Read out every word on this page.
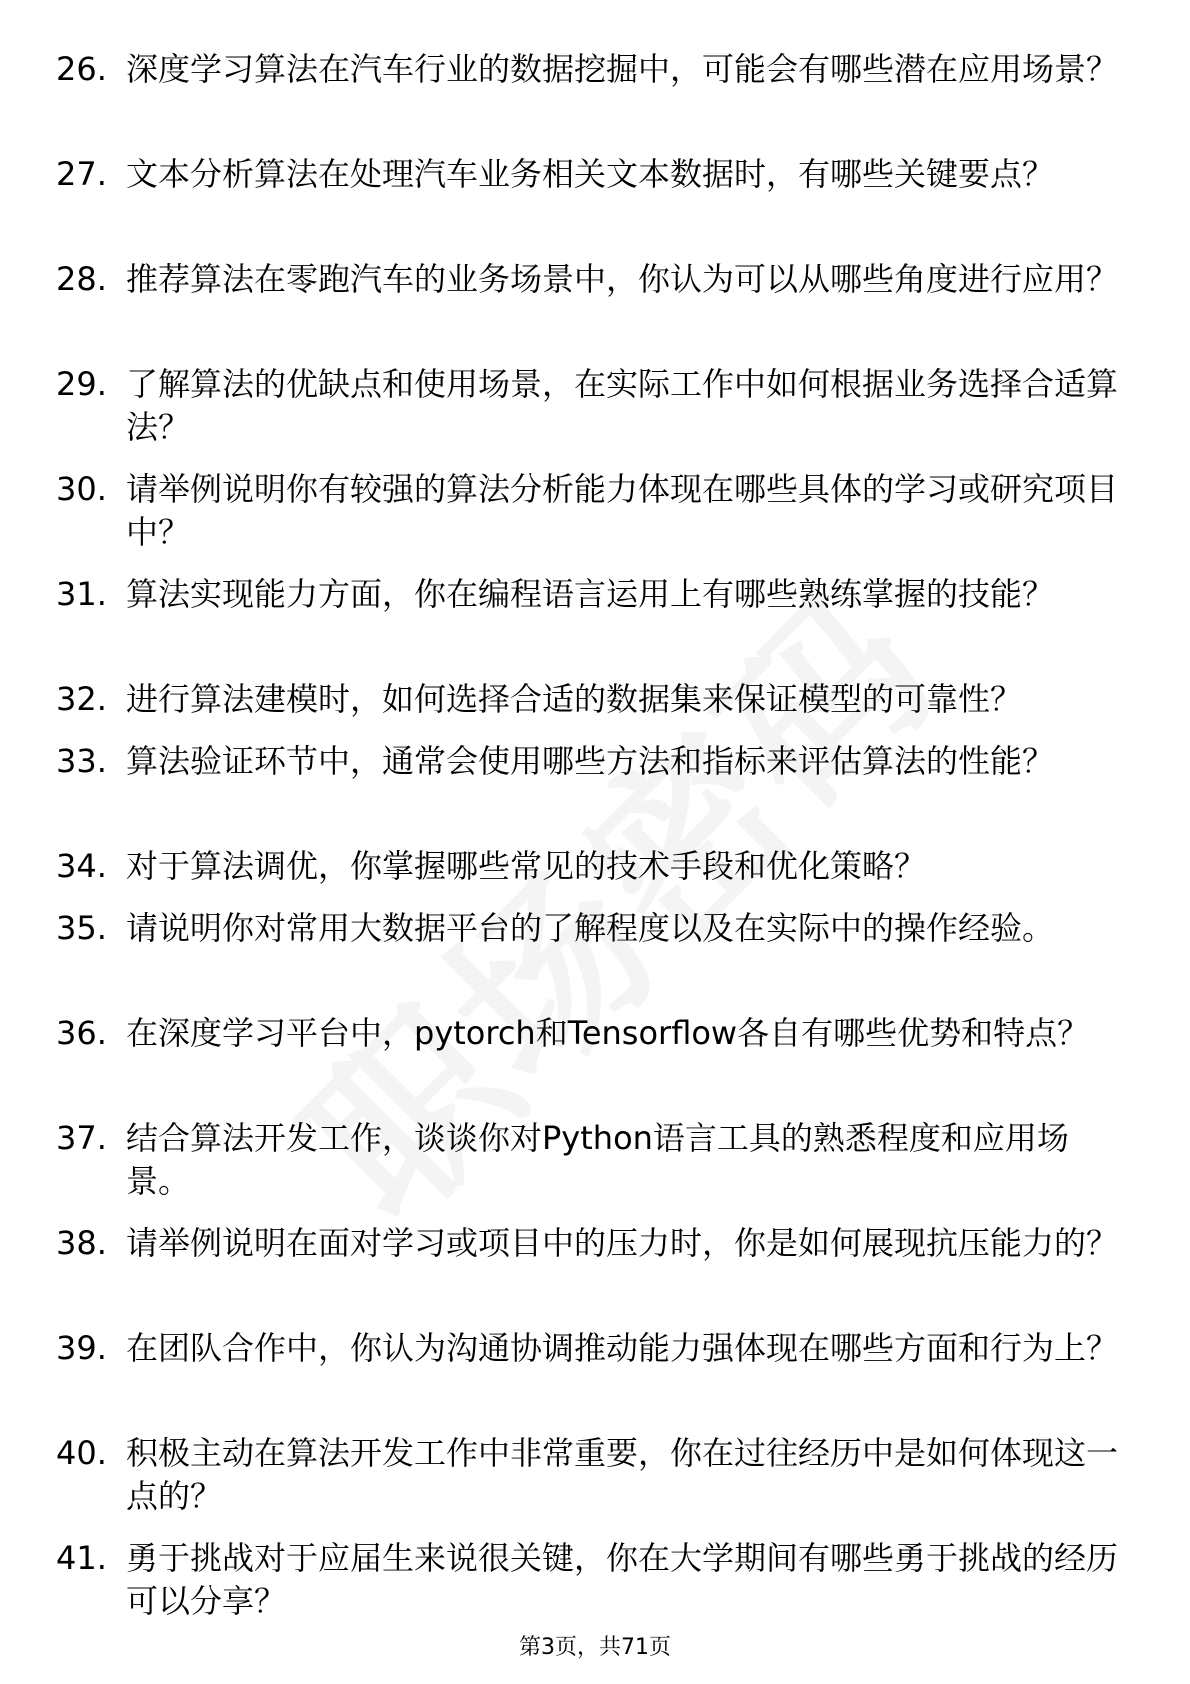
26. 深度学习算法在汽车行业的数据挖掘中，可能会有哪些潜在应用场景？
27. 文本分析算法在处理汽车业务相关文本数据时，有哪些关键要点？
28. 推荐算法在零跑汽车的业务场景中，你认为可以从哪些角度进行应用？
29. 了解算法的优缺点和使用场景，在实际工作中如何根据业务选择合适算法？
30. 请举例说明你有较强的算法分析能力体现在哪些具体的学习或研究项目中？
31. 算法实现能力方面，你在编程语言运用上有哪些熟练掌握的技能？
32. 进行算法建模时，如何选择合适的数据集来保证模型的可靠性？
33. 算法验证环节中，通常会使用哪些方法和指标来评估算法的性能？
34. 对于算法调优，你掌握哪些常见的技术手段和优化策略？
35. 请说明你对常用大数据平台的了解程度以及在实际中的操作经验。
36. 在深度学习平台中，pytorch和Tensorflow各自有哪些优势和特点？
37. 结合算法开发工作，谈谈你对Python语言工具的熟悉程度和应用场景。
38. 请举例说明在面对学习或项目中的压力时，你是如何展现抗压能力的？
39. 在团队合作中，你认为沟通协调推动能力强体现在哪些方面和行为上？
40. 积极主动在算法开发工作中非常重要，你在过往经历中是如何体现这一点的？
41. 勇于挑战对于应届生来说很关键，你在大学期间有哪些勇于挑战的经历可以分享？
第3页，共71页
